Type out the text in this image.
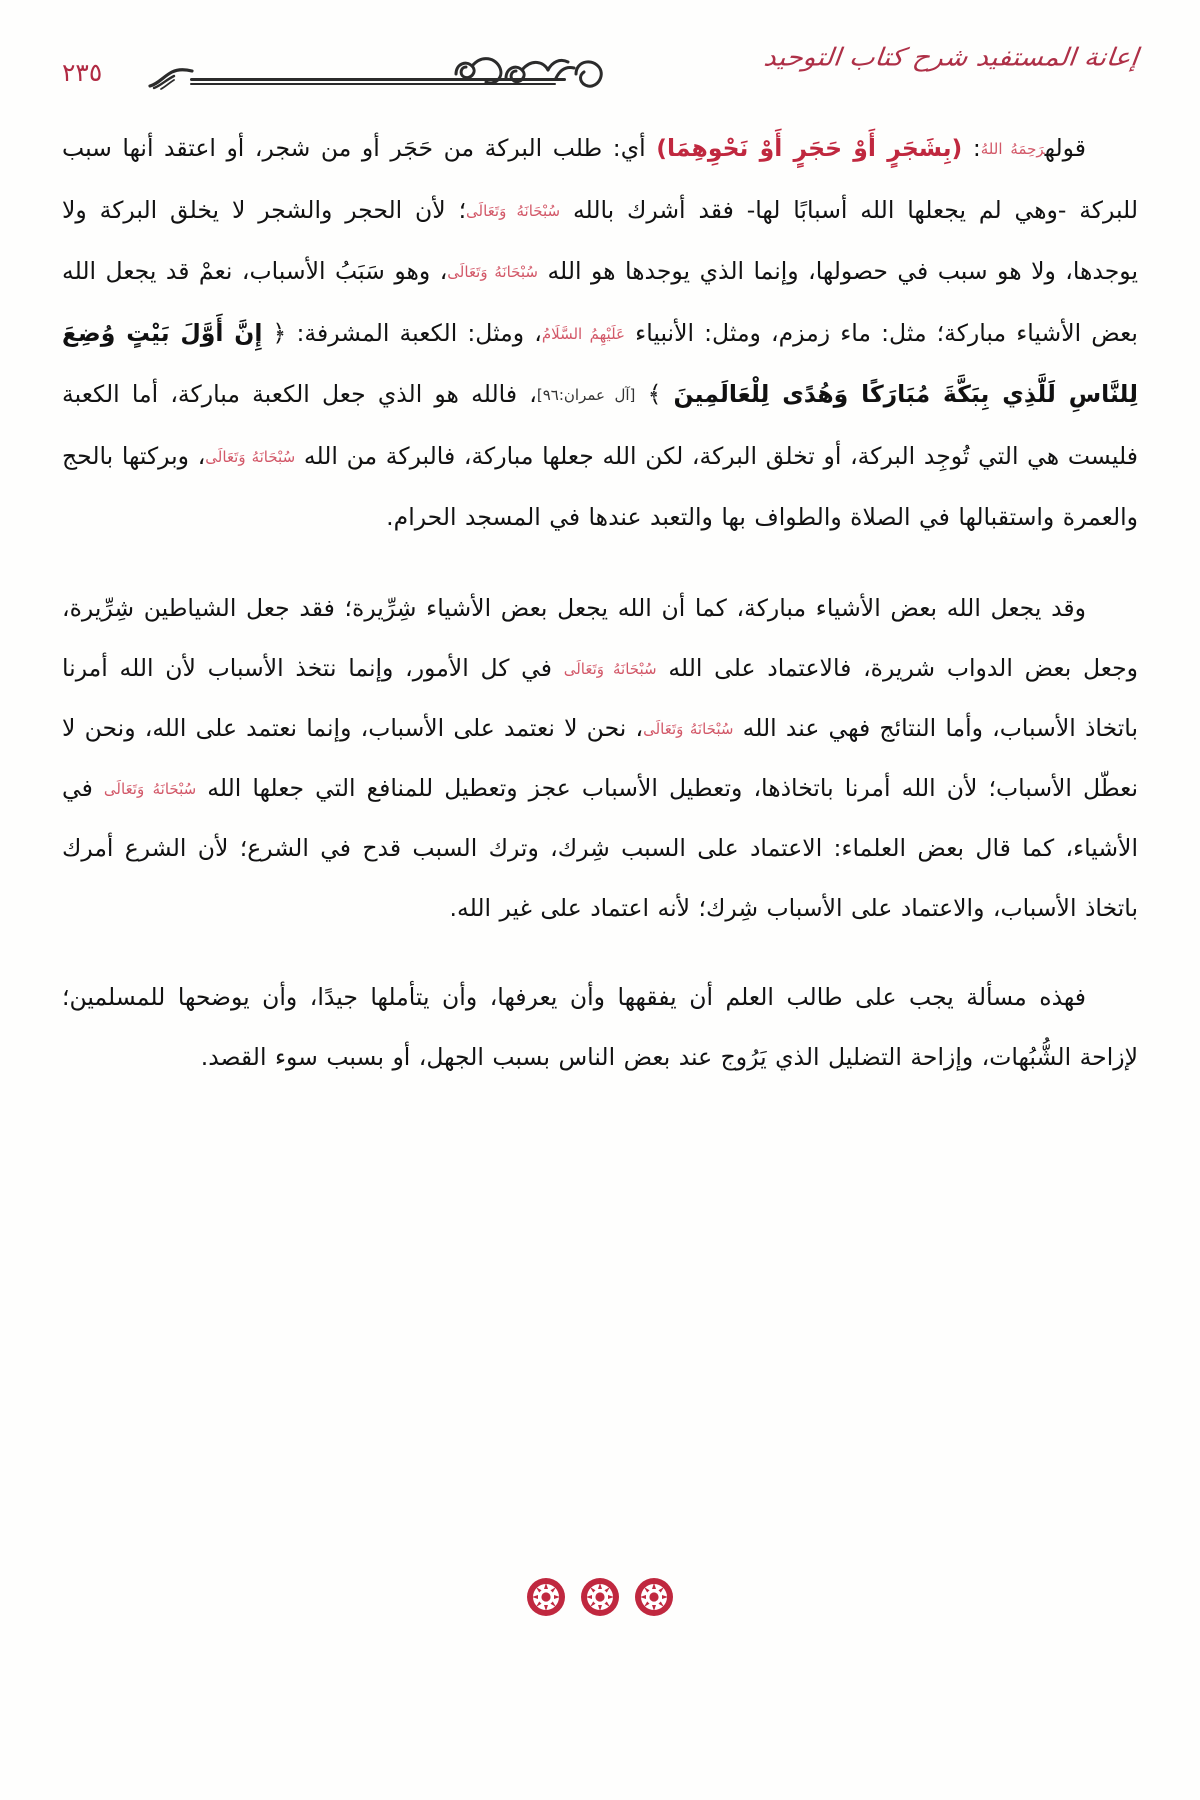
٢٣٥
إعانة المستفيد شرح كتاب التوحيد

قولهرَحِمَهُ اللهُ: (بِشَجَرٍ أَوْ حَجَرٍ أَوْ نَحْوِهِمَا) أي: طلب البركة من حَجَر أو من شجر، أو اعتقد أنها سبب للبركة -وهي لم يجعلها الله أسبابًا لها- فقد أشرك بالله سُبْحَانَهُ وَتَعَالَى؛ لأن الحجر والشجر لا يخلق البركة ولا يوجدها، ولا هو سبب في حصولها، وإنما الذي يوجدها هو الله سُبْحَانَهُ وَتَعَالَى، وهو سَبَبُ الأسباب، نعمْ قد يجعل الله بعض الأشياء مباركة؛ مثل: ماء زمزم، ومثل: الأنبياء عَلَيْهِمُ السَّلَامُ، ومثل: الكعبة المشرفة: ﴿ إِنَّ أَوَّلَ بَيْتٍ وُضِعَ لِلنَّاسِ لَلَّذِي بِبَكَّةَ مُبَارَكًا وَهُدًى لِلْعَالَمِينَ ﴾ [آل عمران:٩٦]، فالله هو الذي جعل الكعبة مباركة، أما الكعبة فليست هي التي تُوجِد البركة، أو تخلق البركة، لكن الله جعلها مباركة، فالبركة من الله سُبْحَانَهُ وَتَعَالَى، وبركتها بالحج والعمرة واستقبالها في الصلاة والطواف بها والتعبد عندها في المسجد الحرام.

وقد يجعل الله بعض الأشياء مباركة، كما أن الله يجعل بعض الأشياء شِرِّيرة؛ فقد جعل الشياطين شِرِّيرة، وجعل بعض الدواب شريرة، فالاعتماد على الله سُبْحَانَهُ وَتَعَالَى في كل الأمور، وإنما نتخذ الأسباب لأن الله أمرنا باتخاذ الأسباب، وأما النتائج فهي عند الله سُبْحَانَهُ وَتَعَالَى، نحن لا نعتمد على الأسباب، وإنما نعتمد على الله، ونحن لا نعطّل الأسباب؛ لأن الله أمرنا باتخاذها، وتعطيل الأسباب عجز وتعطيل للمنافع التي جعلها الله سُبْحَانَهُ وَتَعَالَى في الأشياء، كما قال بعض العلماء: الاعتماد على السبب شِرك، وترك السبب قدح في الشرع؛ لأن الشرع أمرك باتخاذ الأسباب، والاعتماد على الأسباب شِرك؛ لأنه اعتماد على غير الله.

فهذه مسألة يجب على طالب العلم أن يفقهها وأن يعرفها، وأن يتأملها جيدًا، وأن يوضحها للمسلمين؛ لإزاحة الشُّبُهات، وإزاحة التضليل الذي يَرُوج عند بعض الناس بسبب الجهل، أو بسبب سوء القصد.
